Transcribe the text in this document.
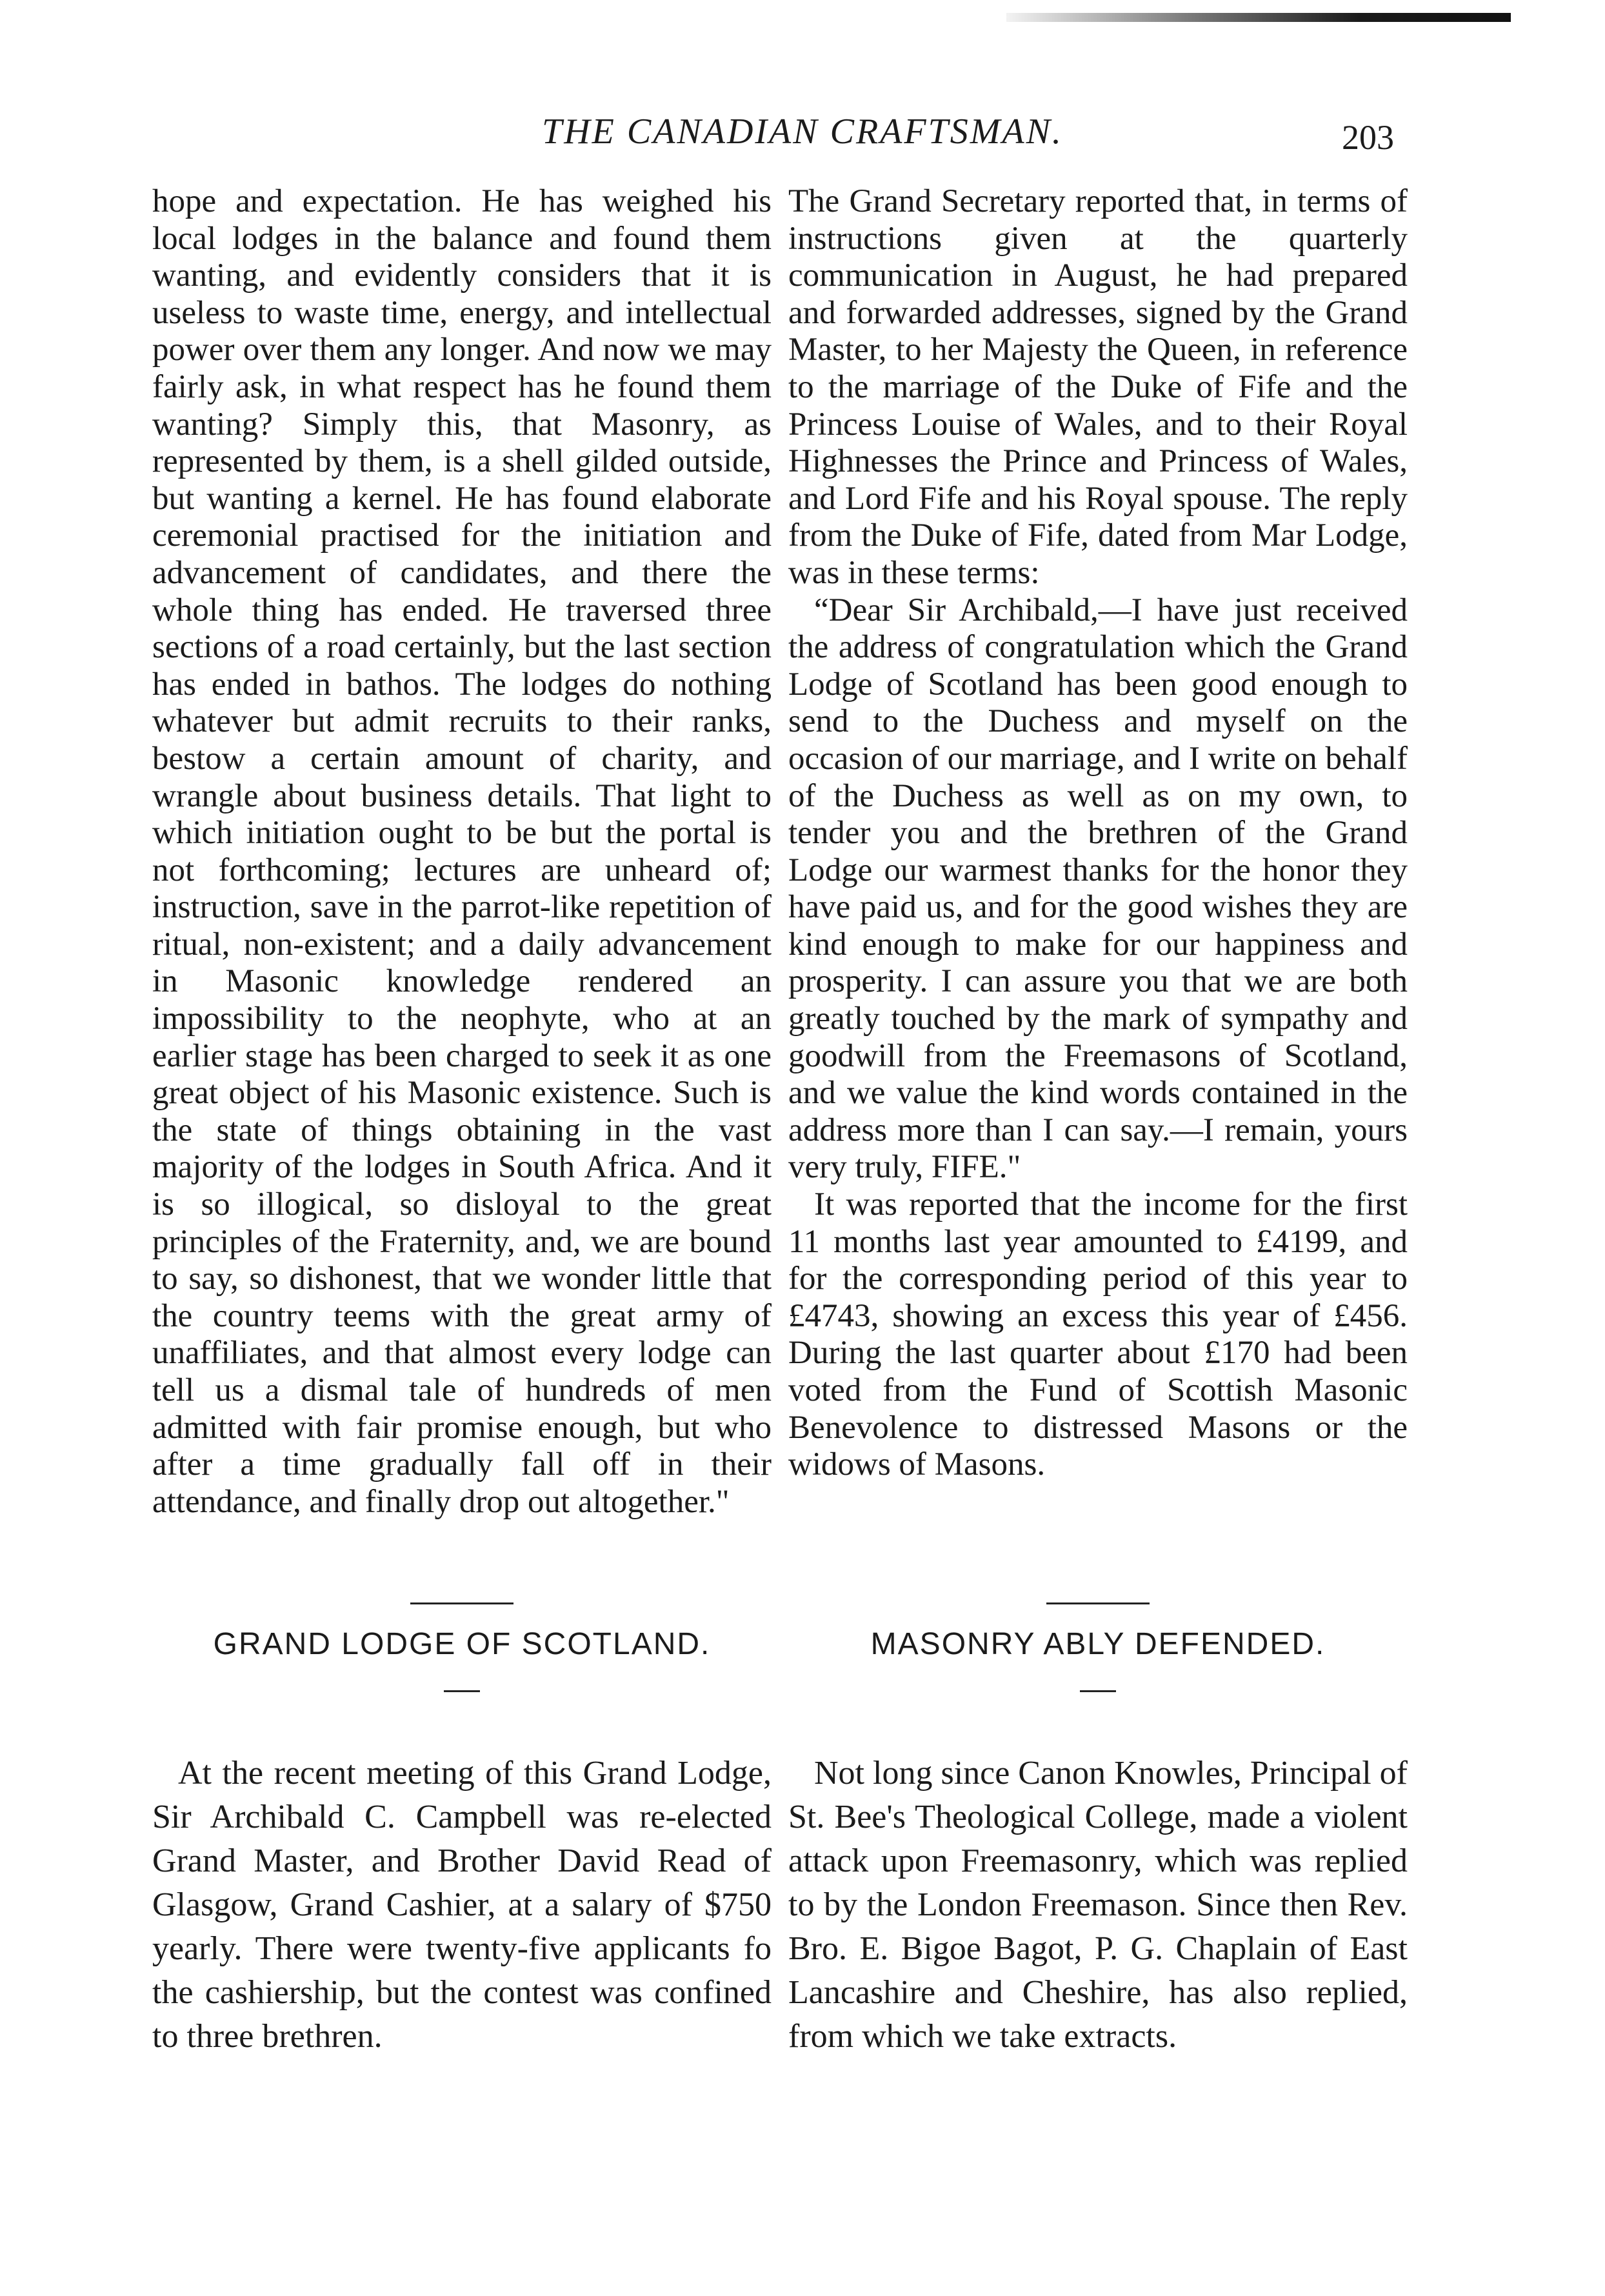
THE CANADIAN CRAFTSMAN.	203

hope and expectation. He has weighed his local lodges in the balance and found them wanting, and evidently considers that it is useless to waste time, energy, and intellectual power over them any longer. And now we may fairly ask, in what respect has he found them wanting? Simply this, that Masonry, as represented by them, is a shell gilded outside, but wanting a kernel. He has found elaborate ceremonial practised for the initiation and advancement of candidates, and there the whole thing has ended. He traversed three sections of a road certainly, but the last section has ended in bathos. The lodges do nothing whatever but admit recruits to their ranks, bestow a certain amount of charity, and wrangle about business details. That light to which initiation ought to be but the portal is not forthcoming; lectures are unheard of; instruction, save in the parrot-like repetition of ritual, non-existent; and a daily advancement in Masonic knowledge rendered an impossibility to the neophyte, who at an earlier stage has been charged to seek it as one great object of his Masonic existence. Such is the state of things obtaining in the vast majority of the lodges in South Africa. And it is so illogical, so disloyal to the great principles of the Fraternity, and, we are bound to say, so dishonest, that we wonder little that the country teems with the great army of unaffiliates, and that almost every lodge can tell us a dismal tale of hundreds of men admitted with fair promise enough, but who after a time gradually fall off in their attendance, and finally drop out altogether."

The Grand Secretary reported that, in terms of instructions given at the quarterly communication in August, he had prepared and forwarded addresses, signed by the Grand Master, to her Majesty the Queen, in reference to the marriage of the Duke of Fife and the Princess Louise of Wales, and to their Royal Highnesses the Prince and Princess of Wales, and Lord Fife and his Royal spouse. The reply from the Duke of Fife, dated from Mar Lodge, was in these terms:

“Dear Sir Archibald,—I have just received the address of congratulation which the Grand Lodge of Scotland has been good enough to send to the Duchess and myself on the occasion of our marriage, and I write on behalf of the Duchess as well as on my own, to tender you and the brethren of the Grand Lodge our warmest thanks for the honor they have paid us, and for the good wishes they are kind enough to make for our happiness and prosperity. I can assure you that we are both greatly touched by the mark of sympathy and goodwill from the Freemasons of Scotland, and we value the kind words contained in the address more than I can say.—I remain, yours very truly, FIFE."

It was reported that the income for the first 11 months last year amounted to £4199, and for the corresponding period of this year to £4743, showing an excess this year of £456. During the last quarter about £170 had been voted from the Fund of Scottish Masonic Benevolence to distressed Masons or the widows of Masons.

GRAND LODGE OF SCOTLAND.	MASONRY ABLY DEFENDED.

At the recent meeting of this Grand Lodge, Sir Archibald C. Campbell was re-elected Grand Master, and Brother David Read of Glasgow, Grand Cashier, at a salary of $750 yearly. There were twenty-five applicants fo the cashiership, but the contest was confined to three brethren.

Not long since Canon Knowles, Principal of St. Bee's Theological College, made a violent attack upon Freemasonry, which was replied to by the London Freemason. Since then Rev. Bro. E. Bigoe Bagot, P. G. Chaplain of East Lancashire and Cheshire, has also replied, from which we take extracts.
